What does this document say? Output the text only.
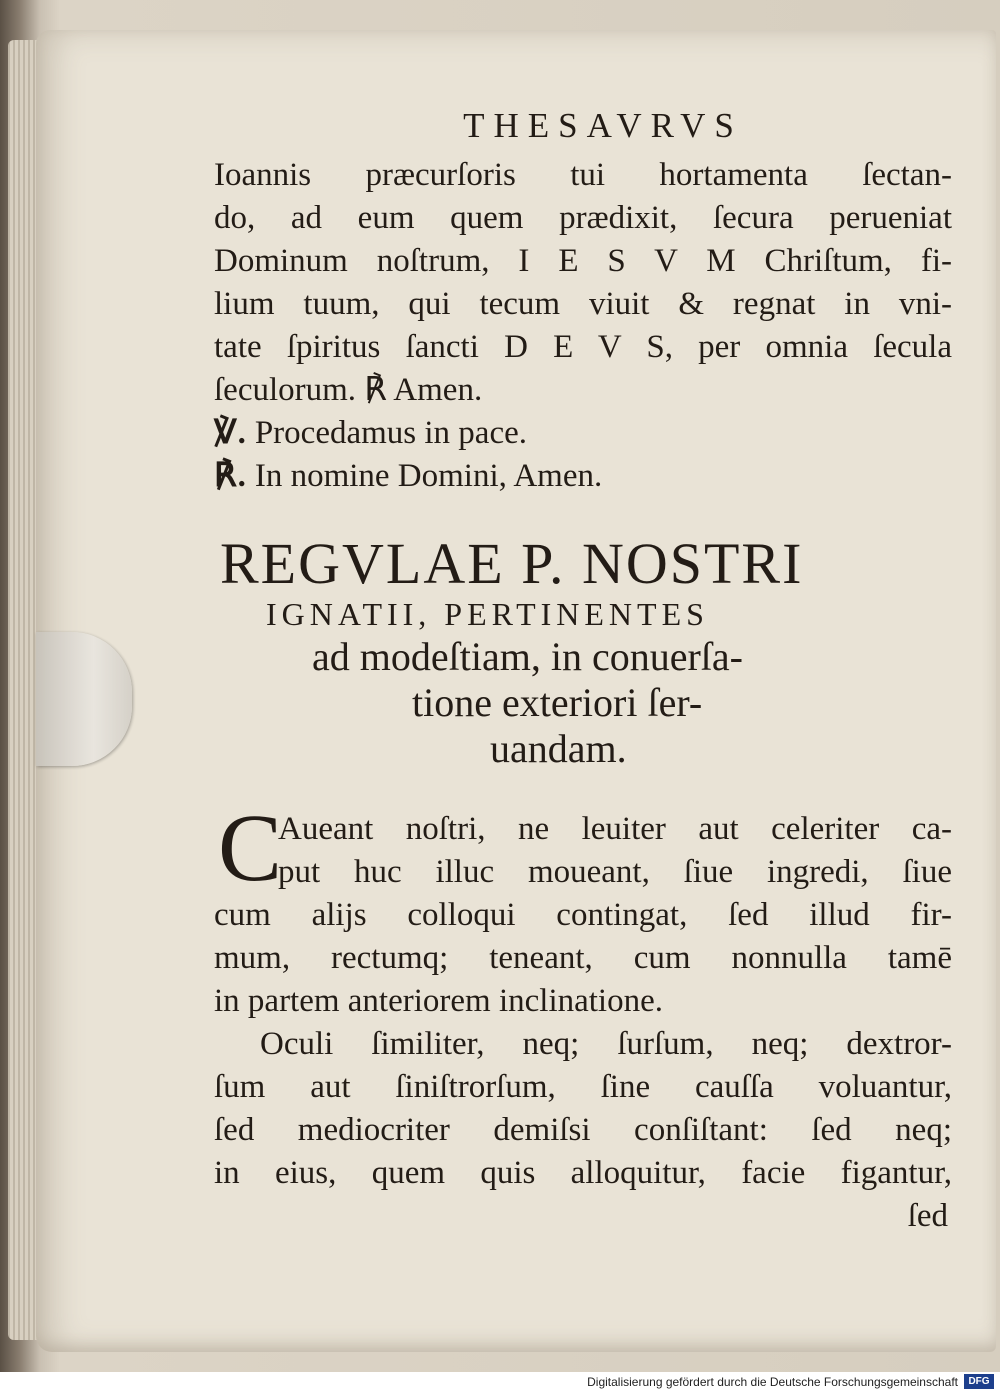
THESAVRVS
Ioannis præcurſoris tui hortamenta ſectan-
do, ad eum quem prædixit, ſecura perueniat
Dominum noſtrum, I E S V M Chriſtum, fi-
lium tuum, qui tecum viuit & regnat in vni-
tate ſpiritus ſancti D E V S, per omnia ſecula
ſeculorum. ℟ Amen.
℣. Procedamus in pace.
℟. In nomine Domini, Amen.
REGVLAE P. NOSTRI
IGNATII, PERTINENTES
ad modeſtiam, in conuerſa-
tione exteriori ſer-
uandam.
C
Aueant noſtri, ne leuiter aut celeriter ca-
put huc illuc moueant, ſiue ingredi, ſiue
cum alijs colloqui contingat, ſed illud fir-
mum, rectumq; teneant, cum nonnulla tamē
in partem anteriorem inclinatione.
Oculi ſimiliter, neq; ſurſum, neq; dextror-
ſum aut ſiniſtrorſum, ſine cauſſa voluantur,
ſed mediocriter demiſsi conſiſtant: ſed neq;
in eius, quem quis alloquitur, facie figantur,
ſed
Digitalisierung gefördert durch die Deutsche Forschungsgemeinschaft	DFG
